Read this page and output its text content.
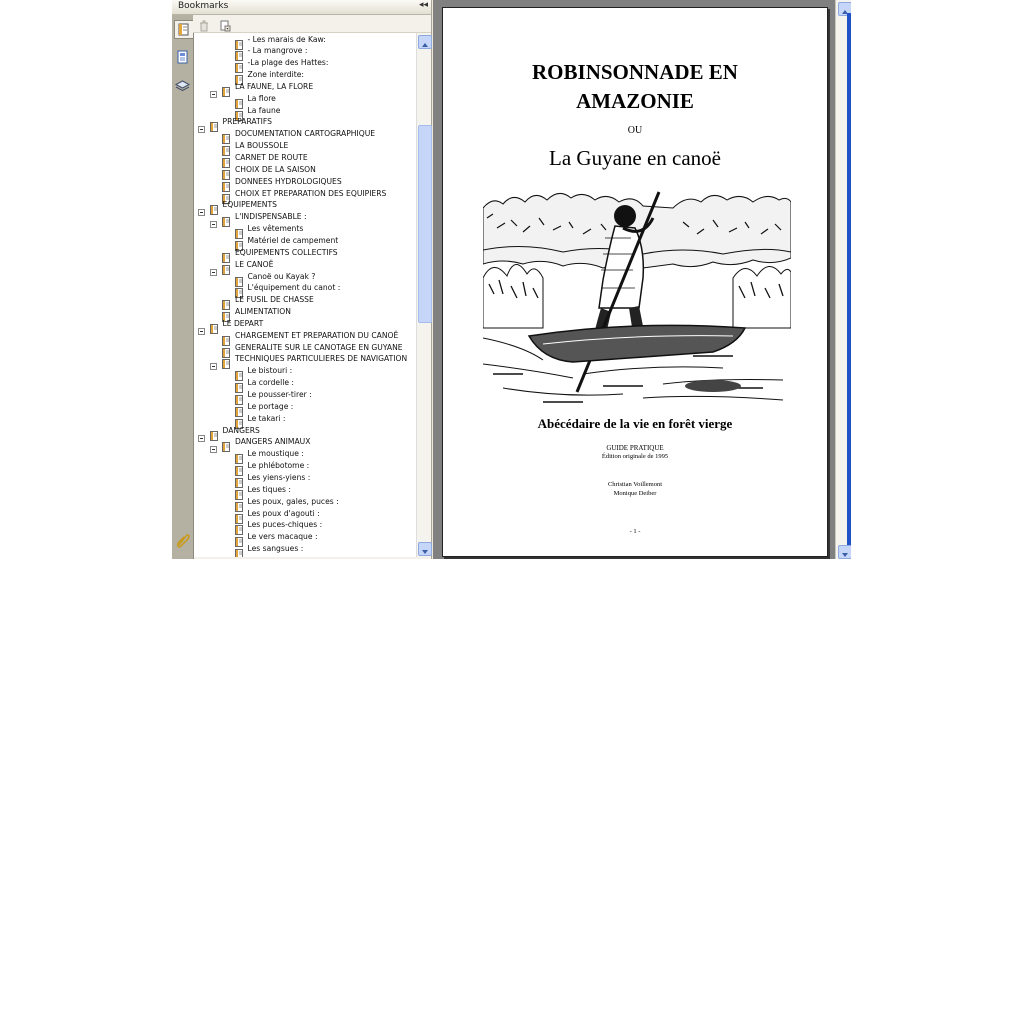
Bookmarks	◂◂
- Les marais de Kaw:
- La mangrove :
-La plage des Hattes:
Zone interdite:
LA FAUNE, LA FLORE
La flore
La faune
PREPARATIFS
DOCUMENTATION CARTOGRAPHIQUE
LA BOUSSOLE
CARNET DE ROUTE
CHOIX DE LA SAISON
DONNEES HYDROLOGIQUES
CHOIX ET PREPARATION DES EQUIPIERS
EQUIPEMENTS
L'INDISPENSABLE :
Les vêtements
Matériel de campement
EQUIPEMENTS COLLECTIFS
LE CANOË
Canoë ou Kayak ?
L'équipement du canot :
LE FUSIL DE CHASSE
ALIMENTATION
LE DEPART
CHARGEMENT ET PREPARATION DU CANOË
GENERALITE SUR LE CANOTAGE EN GUYANE
TECHNIQUES PARTICULIERES DE NAVIGATION
Le bistouri :
La cordelle :
Le pousser-tirer :
Le portage :
Le takari :
DANGERS
DANGERS ANIMAUX
Le moustique :
Le phlébotome :
Les yiens-yiens :
Les tiques :
Les poux, gales, puces :
Les poux d'agouti :
Les puces-chiques :
Le vers macaque :
Les sangsues :
ROBINSONNADE EN
AMAZONIE
OU
La Guyane en canoë
Abécédaire de la vie en forêt vierge
GUIDE PRATIQUE
Édition originale de 1995
Christian Voillemont
Monique Deiber
- 1 -
